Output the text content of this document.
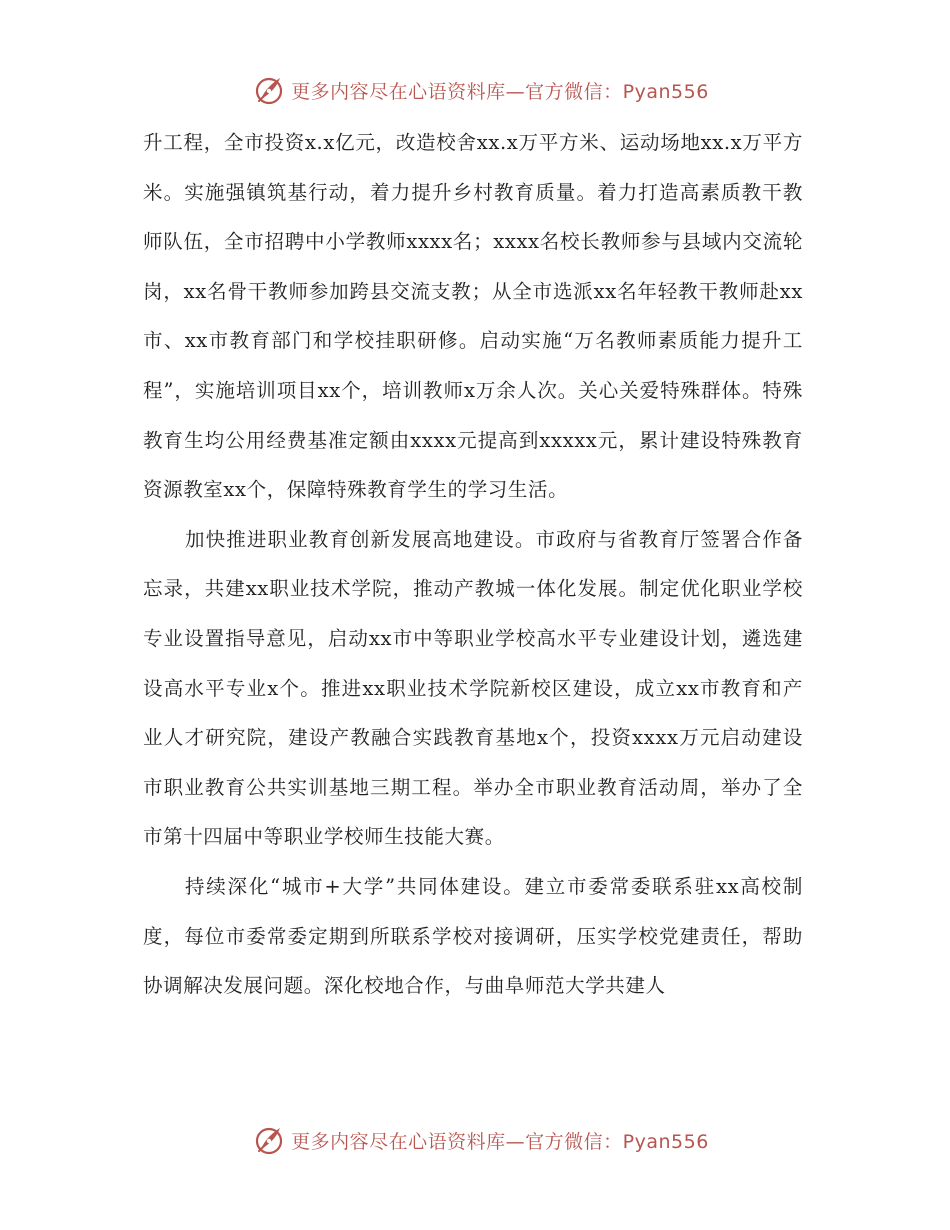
更多内容尽在心语资料库—官方微信：Pyan556

升工程，全市投资x.x亿元，改造校舍xx.x万平方米、运动场地xx.x万平方米。实施强镇筑基行动，着力提升乡村教育质量。着力打造高素质教干教师队伍，全市招聘中小学教师xxxx名；xxxx名校长教师参与县域内交流轮岗，xx名骨干教师参加跨县交流支教；从全市选派xx名年轻教干教师赴xx市、xx市教育部门和学校挂职研修。启动实施“万名教师素质能力提升工程”，实施培训项目xx个，培训教师x万余人次。关心关爱特殊群体。特殊教育生均公用经费基准定额由xxxx元提高到xxxxx元，累计建设特殊教育资源教室xx个，保障特殊教育学生的学习生活。

加快推进职业教育创新发展高地建设。市政府与省教育厅签署合作备忘录，共建xx职业技术学院，推动产教城一体化发展。制定优化职业学校专业设置指导意见，启动xx市中等职业学校高水平专业建设计划，遴选建设高水平专业x个。推进xx职业技术学院新校区建设，成立xx市教育和产业人才研究院，建设产教融合实践教育基地x个，投资xxxx万元启动建设市职业教育公共实训基地三期工程。举办全市职业教育活动周，举办了全市第十四届中等职业学校师生技能大赛。

持续深化“城市+大学”共同体建设。建立市委常委联系驻xx高校制度，每位市委常委定期到所联系学校对接调研，压实学校党建责任，帮助协调解决发展问题。深化校地合作，与曲阜师范大学共建人

更多内容尽在心语资料库—官方微信：Pyan556
